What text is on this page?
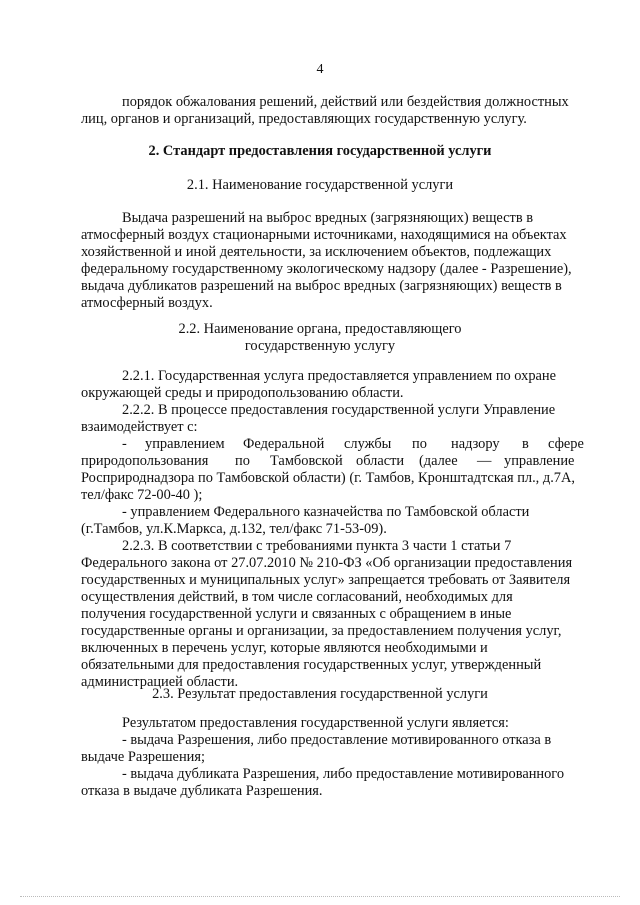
4
порядок обжалования решений, действий или бездействия должностных
лиц, органов и организаций, предоставляющих государственную услугу.
2. Стандарт предоставления государственной услуги
2.1. Наименование государственной услуги
Выдача разрешений на выброс вредных (загрязняющих) веществ в
атмосферный воздух стационарными источниками, находящимися на объектах
хозяйственной и иной деятельности, за исключением объектов, подлежащих
федеральному государственному экологическому надзору (далее - Разрешение),
выдача дубликатов разрешений на выброс вредных (загрязняющих) веществ в
атмосферный воздух.
2.2. Наименование органа, предоставляющего
государственную услугу
2.2.1. Государственная услуга предоставляется управлением по охране
окружающей среды и природопользованию области.
2.2.2. В процессе предоставления государственной услуги Управление
взаимодействует с:
- управлением Федеральной службы по надзору в сфере
природопользования по Тамбовской области (далее — управление
Росприроднадзора по Тамбовской области) (г. Тамбов, Кронштадтская пл., д.7А,
тел/факс 72-00-40 );
- управлением Федерального казначейства по Тамбовской области
(г.Тамбов, ул.К.Маркса, д.132, тел/факс 71-53-09).
2.2.3. В соответствии с требованиями пункта 3 части 1 статьи 7
Федерального закона от 27.07.2010 № 210-ФЗ «Об организации предоставления
государственных и муниципальных услуг» запрещается требовать от Заявителя
осуществления действий, в том числе согласований, необходимых для
получения государственной услуги и связанных с обращением в иные
государственные органы и организации, за предоставлением получения услуг,
включенных в перечень услуг, которые являются необходимыми и
обязательными для предоставления государственных услуг, утвержденный
администрацией области.
2.3. Результат предоставления государственной услуги
Результатом предоставления государственной услуги является:
- выдача Разрешения, либо предоставление мотивированного отказа в
выдаче Разрешения;
- выдача дубликата Разрешения, либо предоставление мотивированного
отказа в выдаче дубликата Разрешения.
